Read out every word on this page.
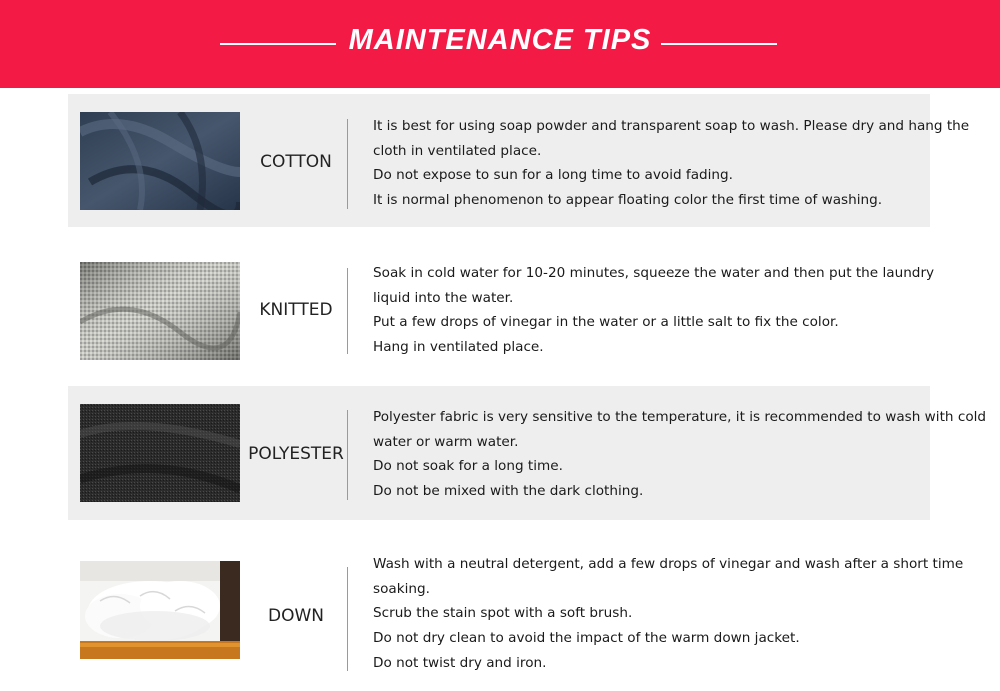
MAINTENANCE TIPS
COTTON
It is best for using soap powder and transparent soap to wash. Please dry and hang the
cloth in ventilated place.
Do not expose to sun for a long time to avoid fading.
It is normal phenomenon to appear floating color the first time of washing.
KNITTED
Soak in cold water for 10-20 minutes, squeeze the water and then put the laundry
liquid into the water.
Put a few drops of vinegar in the water or a little salt to fix the color.
Hang in ventilated place.
POLYESTER
Polyester fabric is very sensitive to the temperature, it is recommended to wash with cold
water or warm water.
Do not soak for a long time.
Do not be mixed with the dark clothing.
DOWN
Wash with a neutral detergent, add a few drops of vinegar and wash after a short time
soaking.
Scrub the stain spot with a soft brush.
Do not dry clean to avoid the impact of the warm down jacket.
Do not twist dry and iron.
